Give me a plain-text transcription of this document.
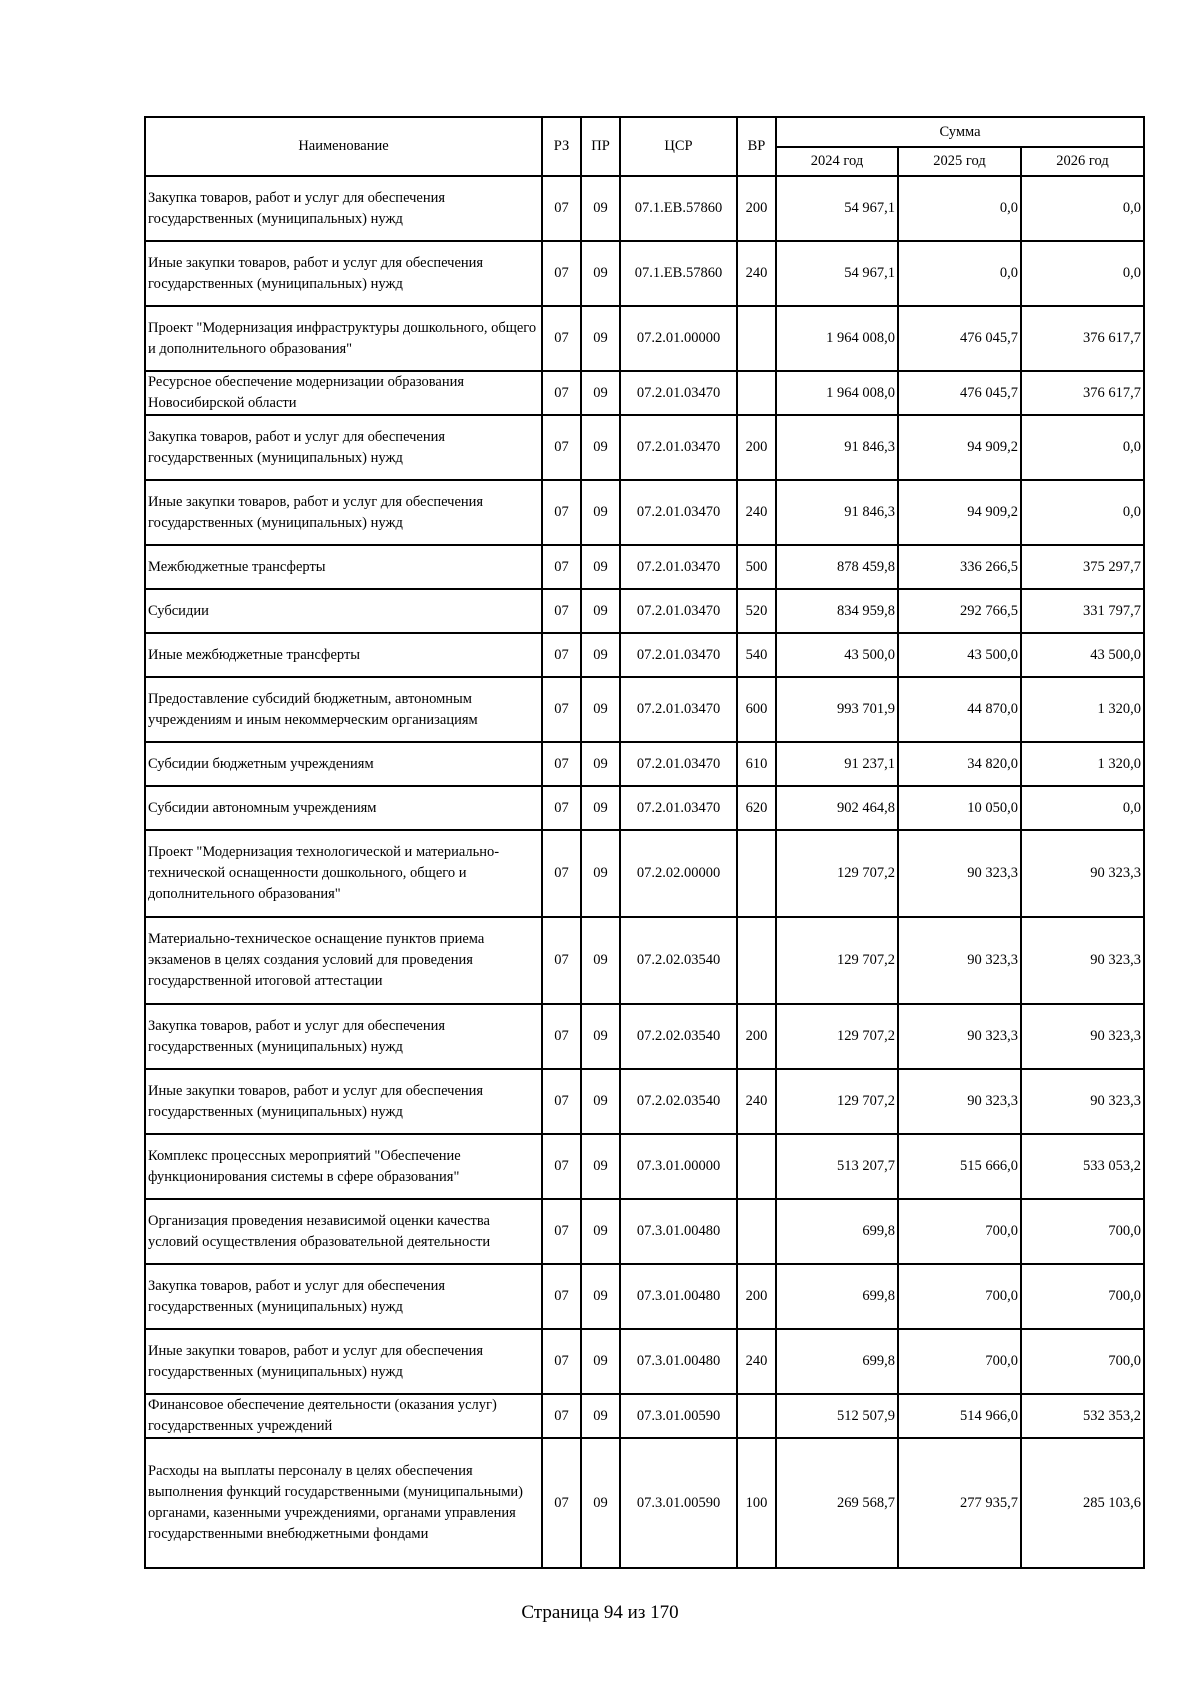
Наименование	РЗ	ПР	ЦСР	ВР	Сумма		
					2024 год	2025 год	2026 год
Закупка товаров, работ и услуг для обеспечения государственных (муниципальных) нужд	07	09	07.1.ЕВ.57860	200	54 967,1	0,0	0,0
Иные закупки товаров, работ и услуг для обеспечения государственных (муниципальных) нужд	07	09	07.1.ЕВ.57860	240	54 967,1	0,0	0,0
Проект "Модернизация инфраструктуры дошкольного, общего и дополнительного образования"	07	09	07.2.01.00000		1 964 008,0	476 045,7	376 617,7
Ресурсное обеспечение модернизации образования Новосибирской области	07	09	07.2.01.03470		1 964 008,0	476 045,7	376 617,7
Закупка товаров, работ и услуг для обеспечения государственных (муниципальных) нужд	07	09	07.2.01.03470	200	91 846,3	94 909,2	0,0
Иные закупки товаров, работ и услуг для обеспечения государственных (муниципальных) нужд	07	09	07.2.01.03470	240	91 846,3	94 909,2	0,0
Межбюджетные трансферты	07	09	07.2.01.03470	500	878 459,8	336 266,5	375 297,7
Субсидии	07	09	07.2.01.03470	520	834 959,8	292 766,5	331 797,7
Иные межбюджетные трансферты	07	09	07.2.01.03470	540	43 500,0	43 500,0	43 500,0
Предоставление субсидий бюджетным, автономным учреждениям и иным некоммерческим организациям	07	09	07.2.01.03470	600	993 701,9	44 870,0	1 320,0
Субсидии бюджетным учреждениям	07	09	07.2.01.03470	610	91 237,1	34 820,0	1 320,0
Субсидии автономным учреждениям	07	09	07.2.01.03470	620	902 464,8	10 050,0	0,0
Проект "Модернизация технологической и материально-технической оснащенности дошкольного, общего и дополнительного образования"	07	09	07.2.02.00000		129 707,2	90 323,3	90 323,3
Материально-техническое оснащение пунктов приема экзаменов в целях создания условий для проведения государственной итоговой аттестации	07	09	07.2.02.03540		129 707,2	90 323,3	90 323,3
Закупка товаров, работ и услуг для обеспечения государственных (муниципальных) нужд	07	09	07.2.02.03540	200	129 707,2	90 323,3	90 323,3
Иные закупки товаров, работ и услуг для обеспечения государственных (муниципальных) нужд	07	09	07.2.02.03540	240	129 707,2	90 323,3	90 323,3
Комплекс процессных мероприятий "Обеспечение функционирования системы в сфере образования"	07	09	07.3.01.00000		513 207,7	515 666,0	533 053,2
Организация проведения независимой оценки качества условий осуществления образовательной деятельности	07	09	07.3.01.00480		699,8	700,0	700,0
Закупка товаров, работ и услуг для обеспечения государственных (муниципальных) нужд	07	09	07.3.01.00480	200	699,8	700,0	700,0
Иные закупки товаров, работ и услуг для обеспечения государственных (муниципальных) нужд	07	09	07.3.01.00480	240	699,8	700,0	700,0
Финансовое обеспечение деятельности (оказания услуг) государственных учреждений	07	09	07.3.01.00590		512 507,9	514 966,0	532 353,2
Расходы на выплаты персоналу в целях обеспечения выполнения функций государственными (муниципальными) органами, казенными учреждениями, органами управления государственными внебюджетными фондами	07	09	07.3.01.00590	100	269 568,7	277 935,7	285 103,6
Страница 94 из 170
